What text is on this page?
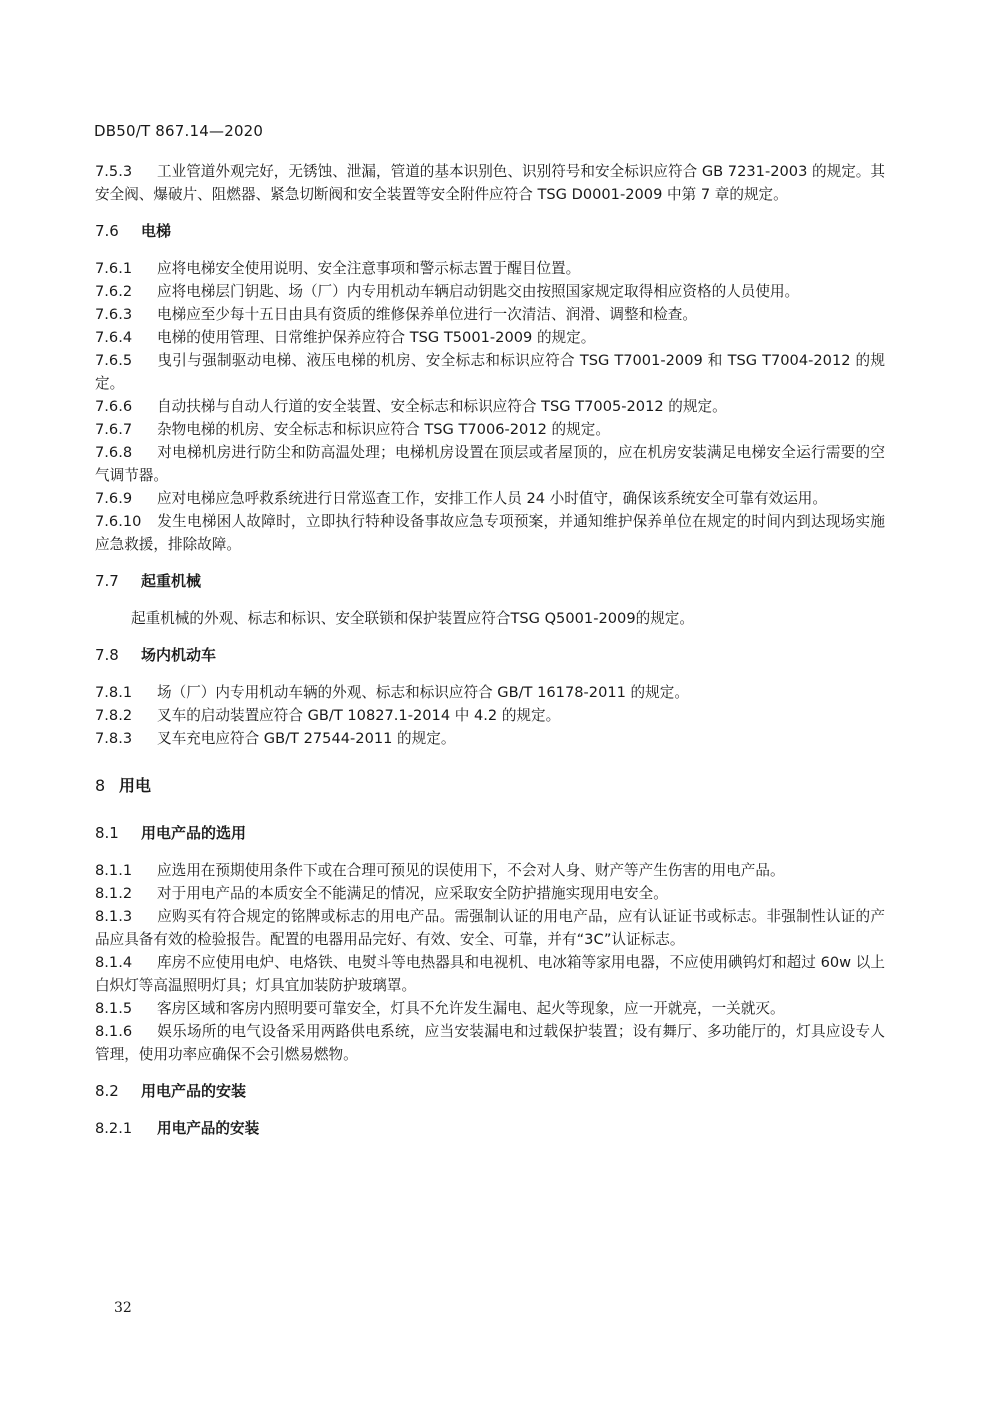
DB50/T 867.14—2020

7.5.3 工业管道外观完好，无锈蚀、泄漏，管道的基本识别色、识别符号和安全标识应符合 GB 7231-2003 的规定。其安全阀、爆破片、阻燃器、紧急切断阀和安全装置等安全附件应符合 TSG D0001-2009 中第 7 章的规定。

7.6 电梯

7.6.1 应将电梯安全使用说明、安全注意事项和警示标志置于醒目位置。

7.6.2 应将电梯层门钥匙、场（厂）内专用机动车辆启动钥匙交由按照国家规定取得相应资格的人员使用。

7.6.3 电梯应至少每十五日由具有资质的维修保养单位进行一次清洁、润滑、调整和检查。

7.6.4 电梯的使用管理、日常维护保养应符合 TSG T5001-2009 的规定。

7.6.5 曳引与强制驱动电梯、液压电梯的机房、安全标志和标识应符合 TSG T7001-2009 和 TSG T7004-2012 的规定。

7.6.6 自动扶梯与自动人行道的安全装置、安全标志和标识应符合 TSG T7005-2012 的规定。

7.6.7 杂物电梯的机房、安全标志和标识应符合 TSG T7006-2012 的规定。

7.6.8 对电梯机房进行防尘和防高温处理；电梯机房设置在顶层或者屋顶的，应在机房安装满足电梯安全运行需要的空气调节器。

7.6.9 应对电梯应急呼救系统进行日常巡查工作，安排工作人员 24 小时值守，确保该系统安全可靠有效运用。

7.6.10 发生电梯困人故障时，立即执行特种设备事故应急专项预案，并通知维护保养单位在规定的时间内到达现场实施应急救援，排除故障。

7.7 起重机械

起重机械的外观、标志和标识、安全联锁和保护装置应符合TSG Q5001-2009的规定。

7.8 场内机动车

7.8.1 场（厂）内专用机动车辆的外观、标志和标识应符合 GB/T 16178-2011 的规定。

7.8.2 叉车的启动装置应符合 GB/T 10827.1-2014 中 4.2 的规定。

7.8.3 叉车充电应符合 GB/T 27544-2011 的规定。

8 用电
8.1 用电产品的选用

8.1.1 应选用在预期使用条件下或在合理可预见的误使用下，不会对人身、财产等产生伤害的用电产品。

8.1.2 对于用电产品的本质安全不能满足的情况，应采取安全防护措施实现用电安全。

8.1.3 应购买有符合规定的铭牌或标志的用电产品。需强制认证的用电产品，应有认证证书或标志。非强制性认证的产品应具备有效的检验报告。配置的电器用品完好、有效、安全、可靠，并有“3C”认证标志。

8.1.4 库房不应使用电炉、电烙铁、电熨斗等电热器具和电视机、电冰箱等家用电器，不应使用碘钨灯和超过 60w 以上白炽灯等高温照明灯具；灯具宜加装防护玻璃罩。

8.1.5 客房区域和客房内照明要可靠安全，灯具不允许发生漏电、起火等现象，应一开就亮，一关就灭。

8.1.6 娱乐场所的电气设备采用两路供电系统，应当安装漏电和过载保护装置；设有舞厅、多功能厅的，灯具应设专人管理，使用功率应确保不会引燃易燃物。

8.2 用电产品的安装
8.2.1 用电产品的安装
32
